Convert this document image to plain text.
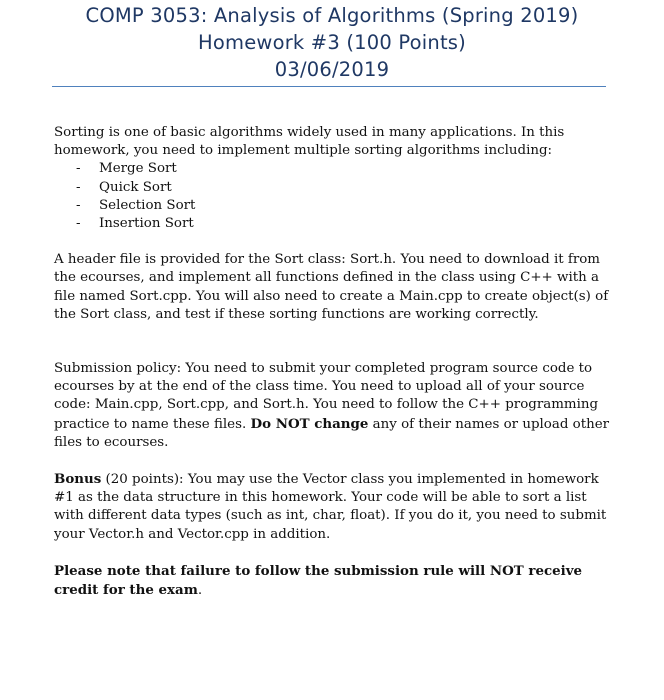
COMP 3053: Analysis of Algorithms (Spring 2019)
Homework #3 (100 Points)
03/06/2019

Sorting is one of basic algorithms widely used in many applications. In this homework, you need to implement multiple sorting algorithms including:

- Merge Sort
- Quick Sort
- Selection Sort
- Insertion Sort

A header file is provided for the Sort class: Sort.h. You need to download it from the ecourses, and implement all functions defined in the class using C++ with a file named Sort.cpp. You will also need to create a Main.cpp to create object(s) of the Sort class, and test if these sorting functions are working correctly.

Submission policy: You need to submit your completed program source code to ecourses by at the end of the class time. You need to upload all of your source code: Main.cpp, Sort.cpp, and Sort.h. You need to follow the C++ programming practice to name these files. Do NOT change any of their names or upload other files to ecourses.

Bonus (20 points): You may use the Vector class you implemented in homework #1 as the data structure in this homework. Your code will be able to sort a list with different data types (such as int, char, float). If you do it, you need to submit your Vector.h and Vector.cpp in addition.

Please note that failure to follow the submission rule will NOT receive credit for the exam.
